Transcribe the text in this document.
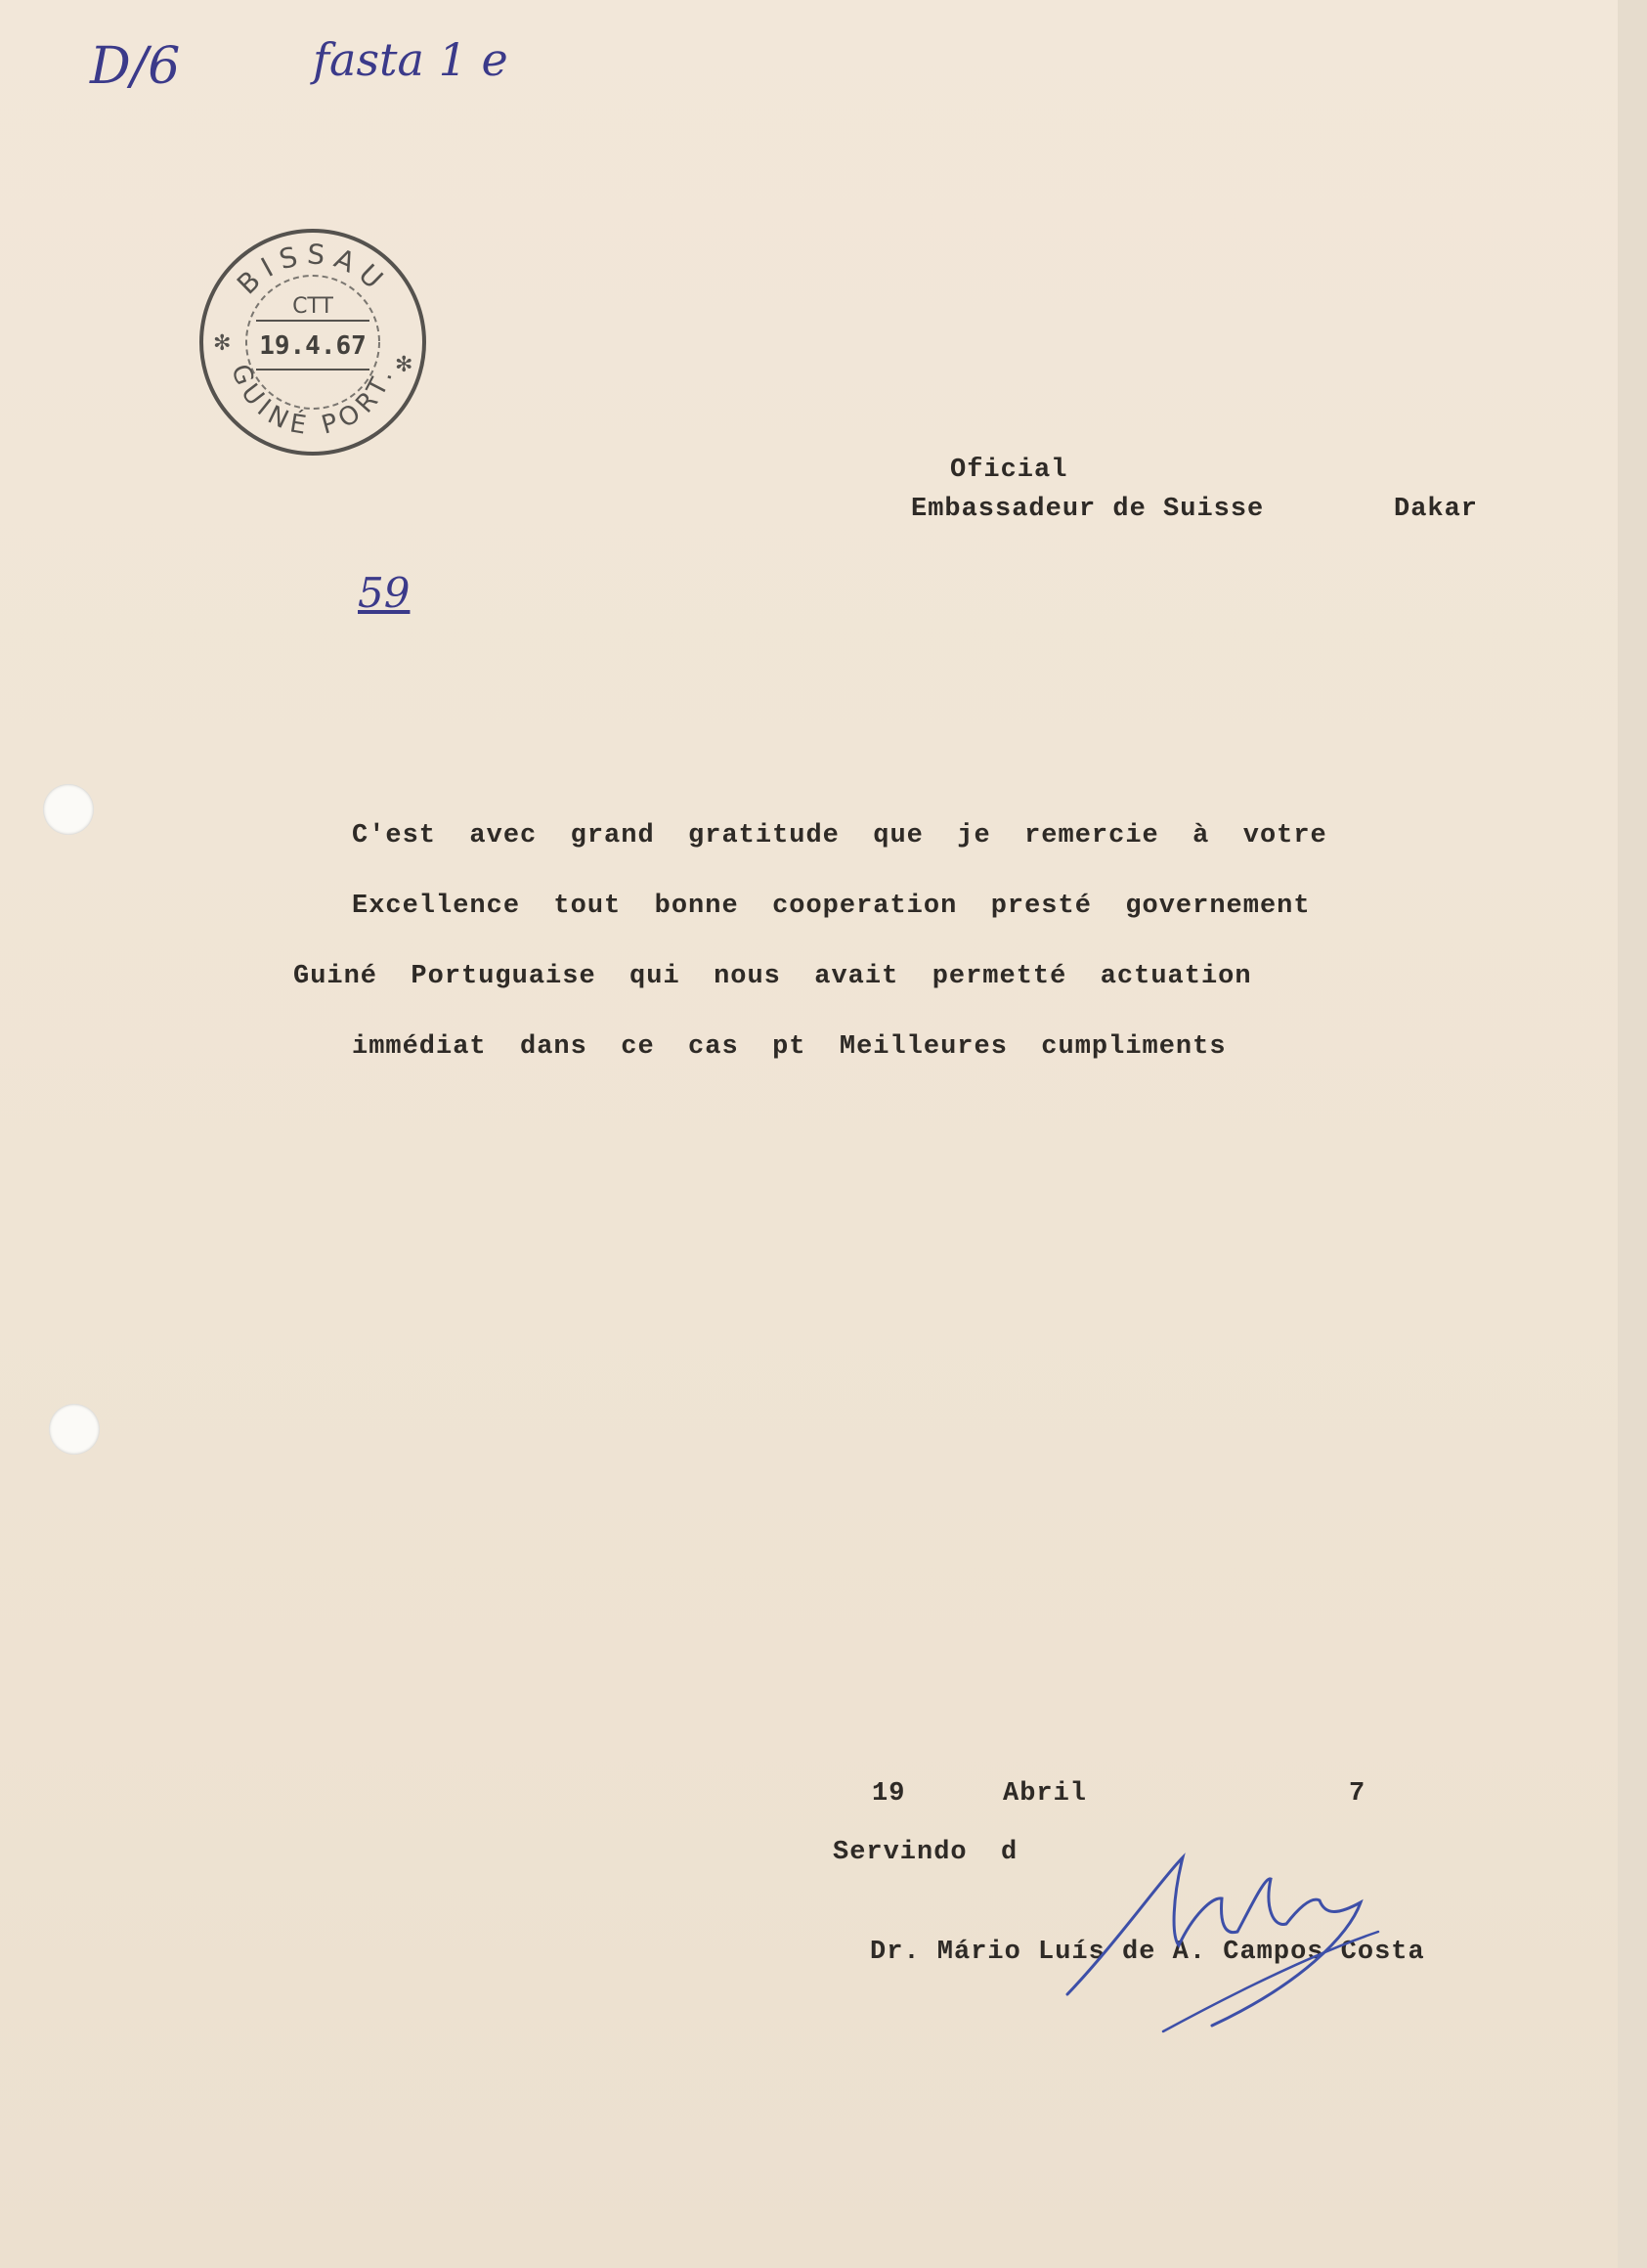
D/6	fasta 1 e
59
BISSAU
GUINÉ PORT.
CTT
19.4.67
✻
✻
Oficial
Embassadeur de Suisse	Dakar
C'est  avec  grand  gratitude  que  je  remercie  à  votre
Excellence  tout  bonne  cooperation  presté  governement
Guiné  Portuguaise  qui  nous  avait  permetté  actuation
immédiat  dans  ce  cas  pt  Meilleures  cumpliments
19	Abril	7
Servindo  d
Dr. Mário Luís de A. Campos Costa
